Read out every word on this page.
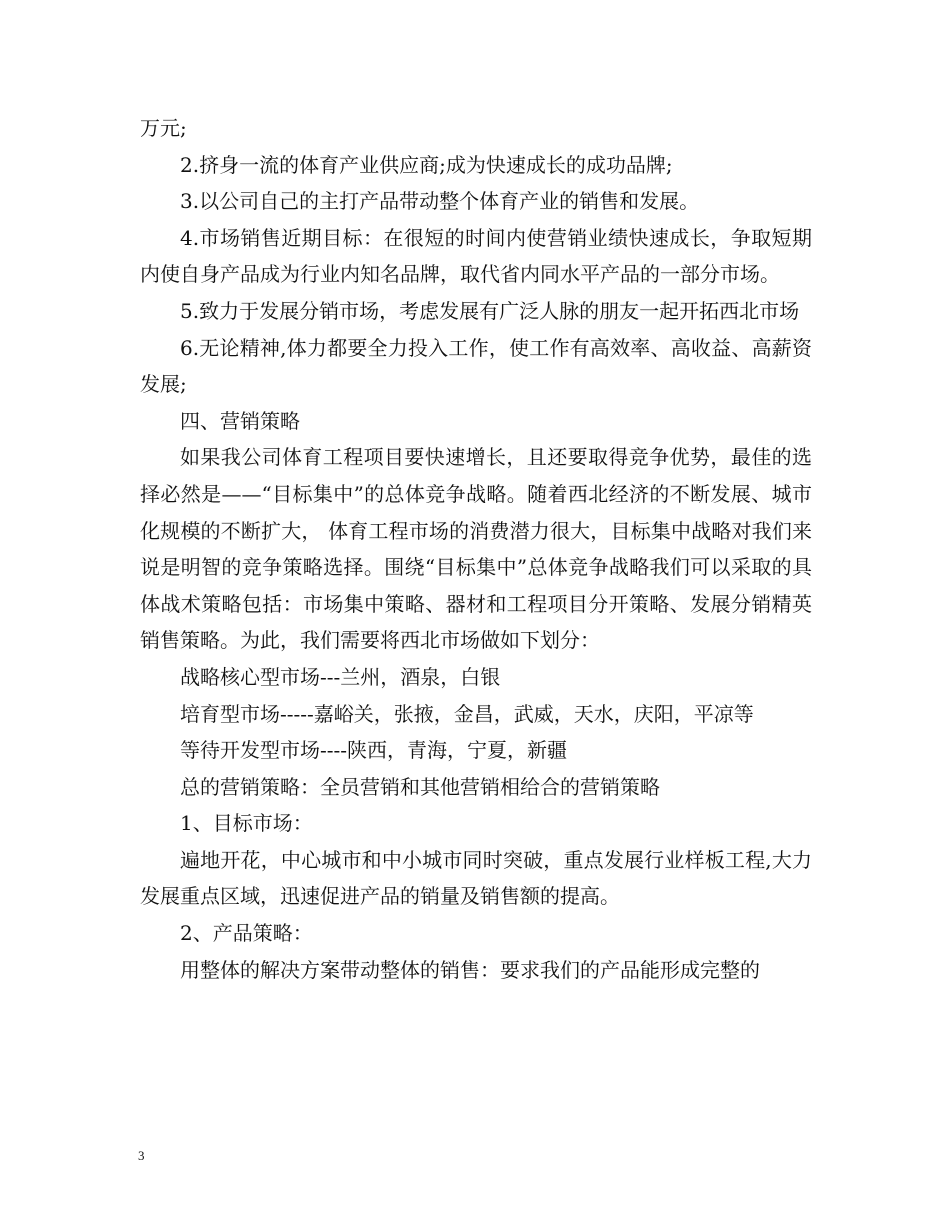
万元;

2.挤身一流的体育产业供应商;成为快速成长的成功品牌;

3.以公司自己的主打产品带动整个体育产业的销售和发展。

4.市场销售近期目标：在很短的时间内使营销业绩快速成长，争取短期内使自身产品成为行业内知名品牌，取代省内同水平产品的一部分市场。

5.致力于发展分销市场，考虑发展有广泛人脉的朋友一起开拓西北市场

6.无论精神,体力都要全力投入工作，使工作有高效率、高收益、高薪资发展;

四、营销策略

如果我公司体育工程项目要快速增长，且还要取得竞争优势，最佳的选择必然是——“目标集中”的总体竞争战略。随着西北经济的不断发展、城市化规模的不断扩大， 体育工程市场的消费潜力很大，目标集中战略对我们来说是明智的竞争策略选择。围绕“目标集中”总体竞争战略我们可以采取的具体战术策略包括：市场集中策略、器材和工程项目分开策略、发展分销精英销售策略。为此，我们需要将西北市场做如下划分：

战略核心型市场---兰州，酒泉，白银

培育型市场-----嘉峪关，张掖，金昌，武威，天水，庆阳，平凉等

等待开发型市场----陕西，青海，宁夏，新疆

总的营销策略：全员营销和其他营销相给合的营销策略

1、目标市场：

遍地开花，中心城市和中小城市同时突破，重点发展行业样板工程,大力发展重点区域，迅速促进产品的销量及销售额的提高。

2、产品策略：

用整体的解决方案带动整体的销售：要求我们的产品能形成完整的

3
